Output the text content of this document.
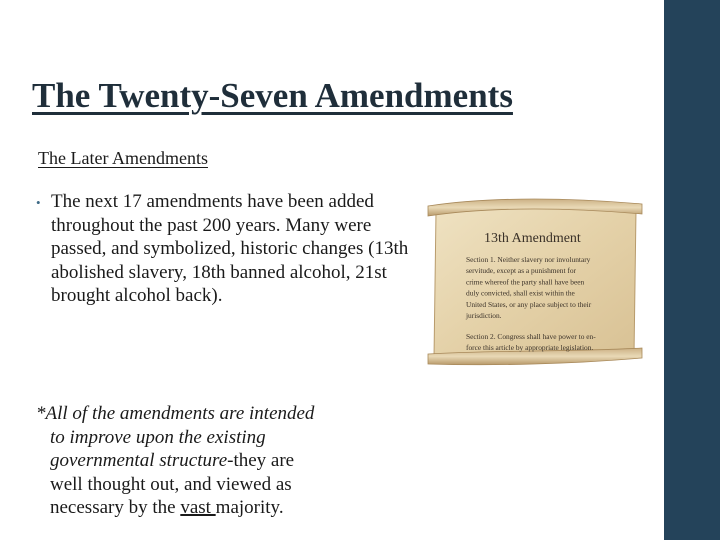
The Twenty-Seven Amendments

The Later Amendments

• The next 17 amendments have been added throughout the past 200 years. Many were passed, and symbolized, historic changes (13th abolished slavery, 18th banned alcohol, 21st brought alcohol back).
13th Amendment
Section 1. Neither slavery nor involuntary
servitude, except as a punishment for
crime whereof the party shall have been
duly convicted, shall exist within the
United States, or any place subject to their
jurisdiction.
Section 2. Congress shall have power to en-
force this article by appropriate legislation.
*All of the amendments are intended
to improve upon the existing
governmental structure-they are
well thought out, and viewed as
necessary by the vast majority.
